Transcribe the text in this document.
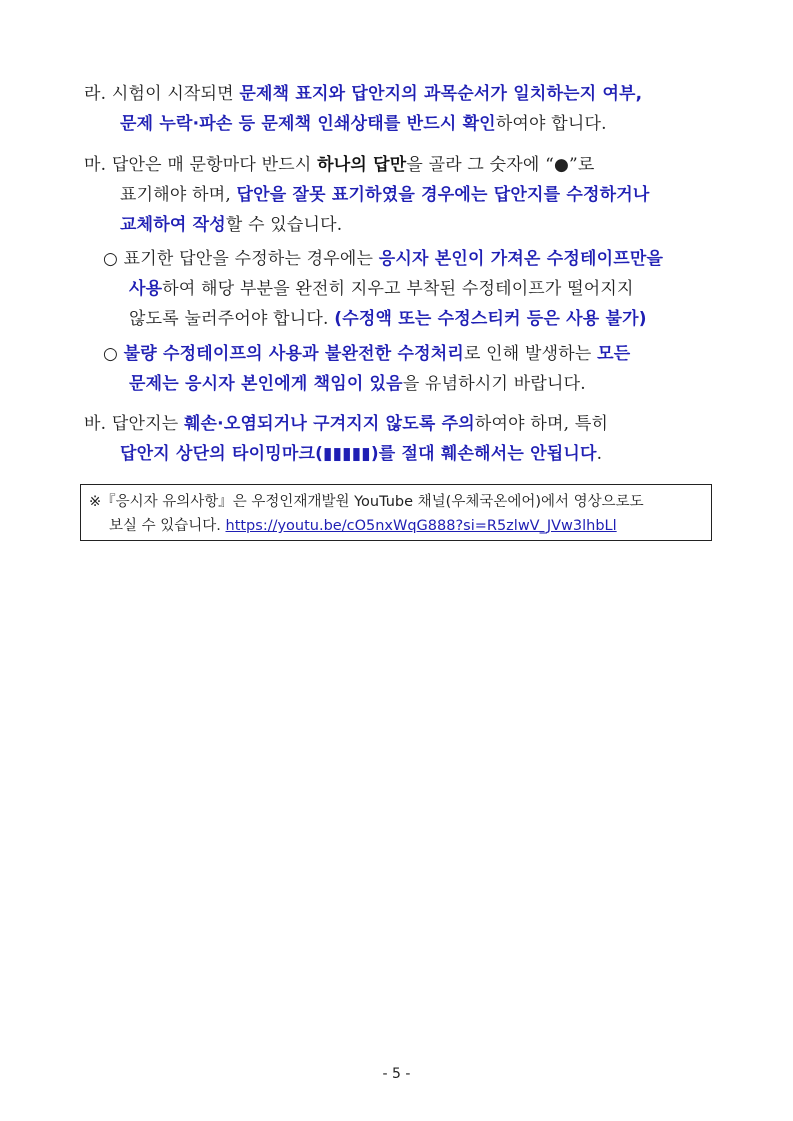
라. 시험이 시작되면 문제책 표지와 답안지의 과목순서가 일치하는지 여부,
문제 누락·파손 등 문제책 인쇄상태를 반드시 확인하여야 합니다.
마. 답안은 매 문항마다 반드시 하나의 답만을 골라 그 숫자에 “●”로
표기해야 하며, 답안을 잘못 표기하였을 경우에는 답안지를 수정하거나
교체하여 작성할 수 있습니다.
○ 표기한 답안을 수정하는 경우에는 응시자 본인이 가져온 수정테이프만을
사용하여 해당 부분을 완전히 지우고 부착된 수정테이프가 떨어지지
않도록 눌러주어야 합니다. (수정액 또는 수정스티커 등은 사용 불가)
○ 불량 수정테이프의 사용과 불완전한 수정처리로 인해 발생하는 모든
문제는 응시자 본인에게 책임이 있음을 유념하시기 바랍니다.
바. 답안지는 훼손·오염되거나 구겨지지 않도록 주의하여야 하며, 특히
답안지 상단의 타이밍마크(▮▮▮▮▮)를 절대 훼손해서는 안됩니다.
※『응시자 유의사항』은 우정인재개발원 YouTube 채널(우체국온에어)에서 영상으로도
보실 수 있습니다. https://youtu.be/cO5nxWqG888?si=R5zlwV_JVw3lhbLl
- 5 -
